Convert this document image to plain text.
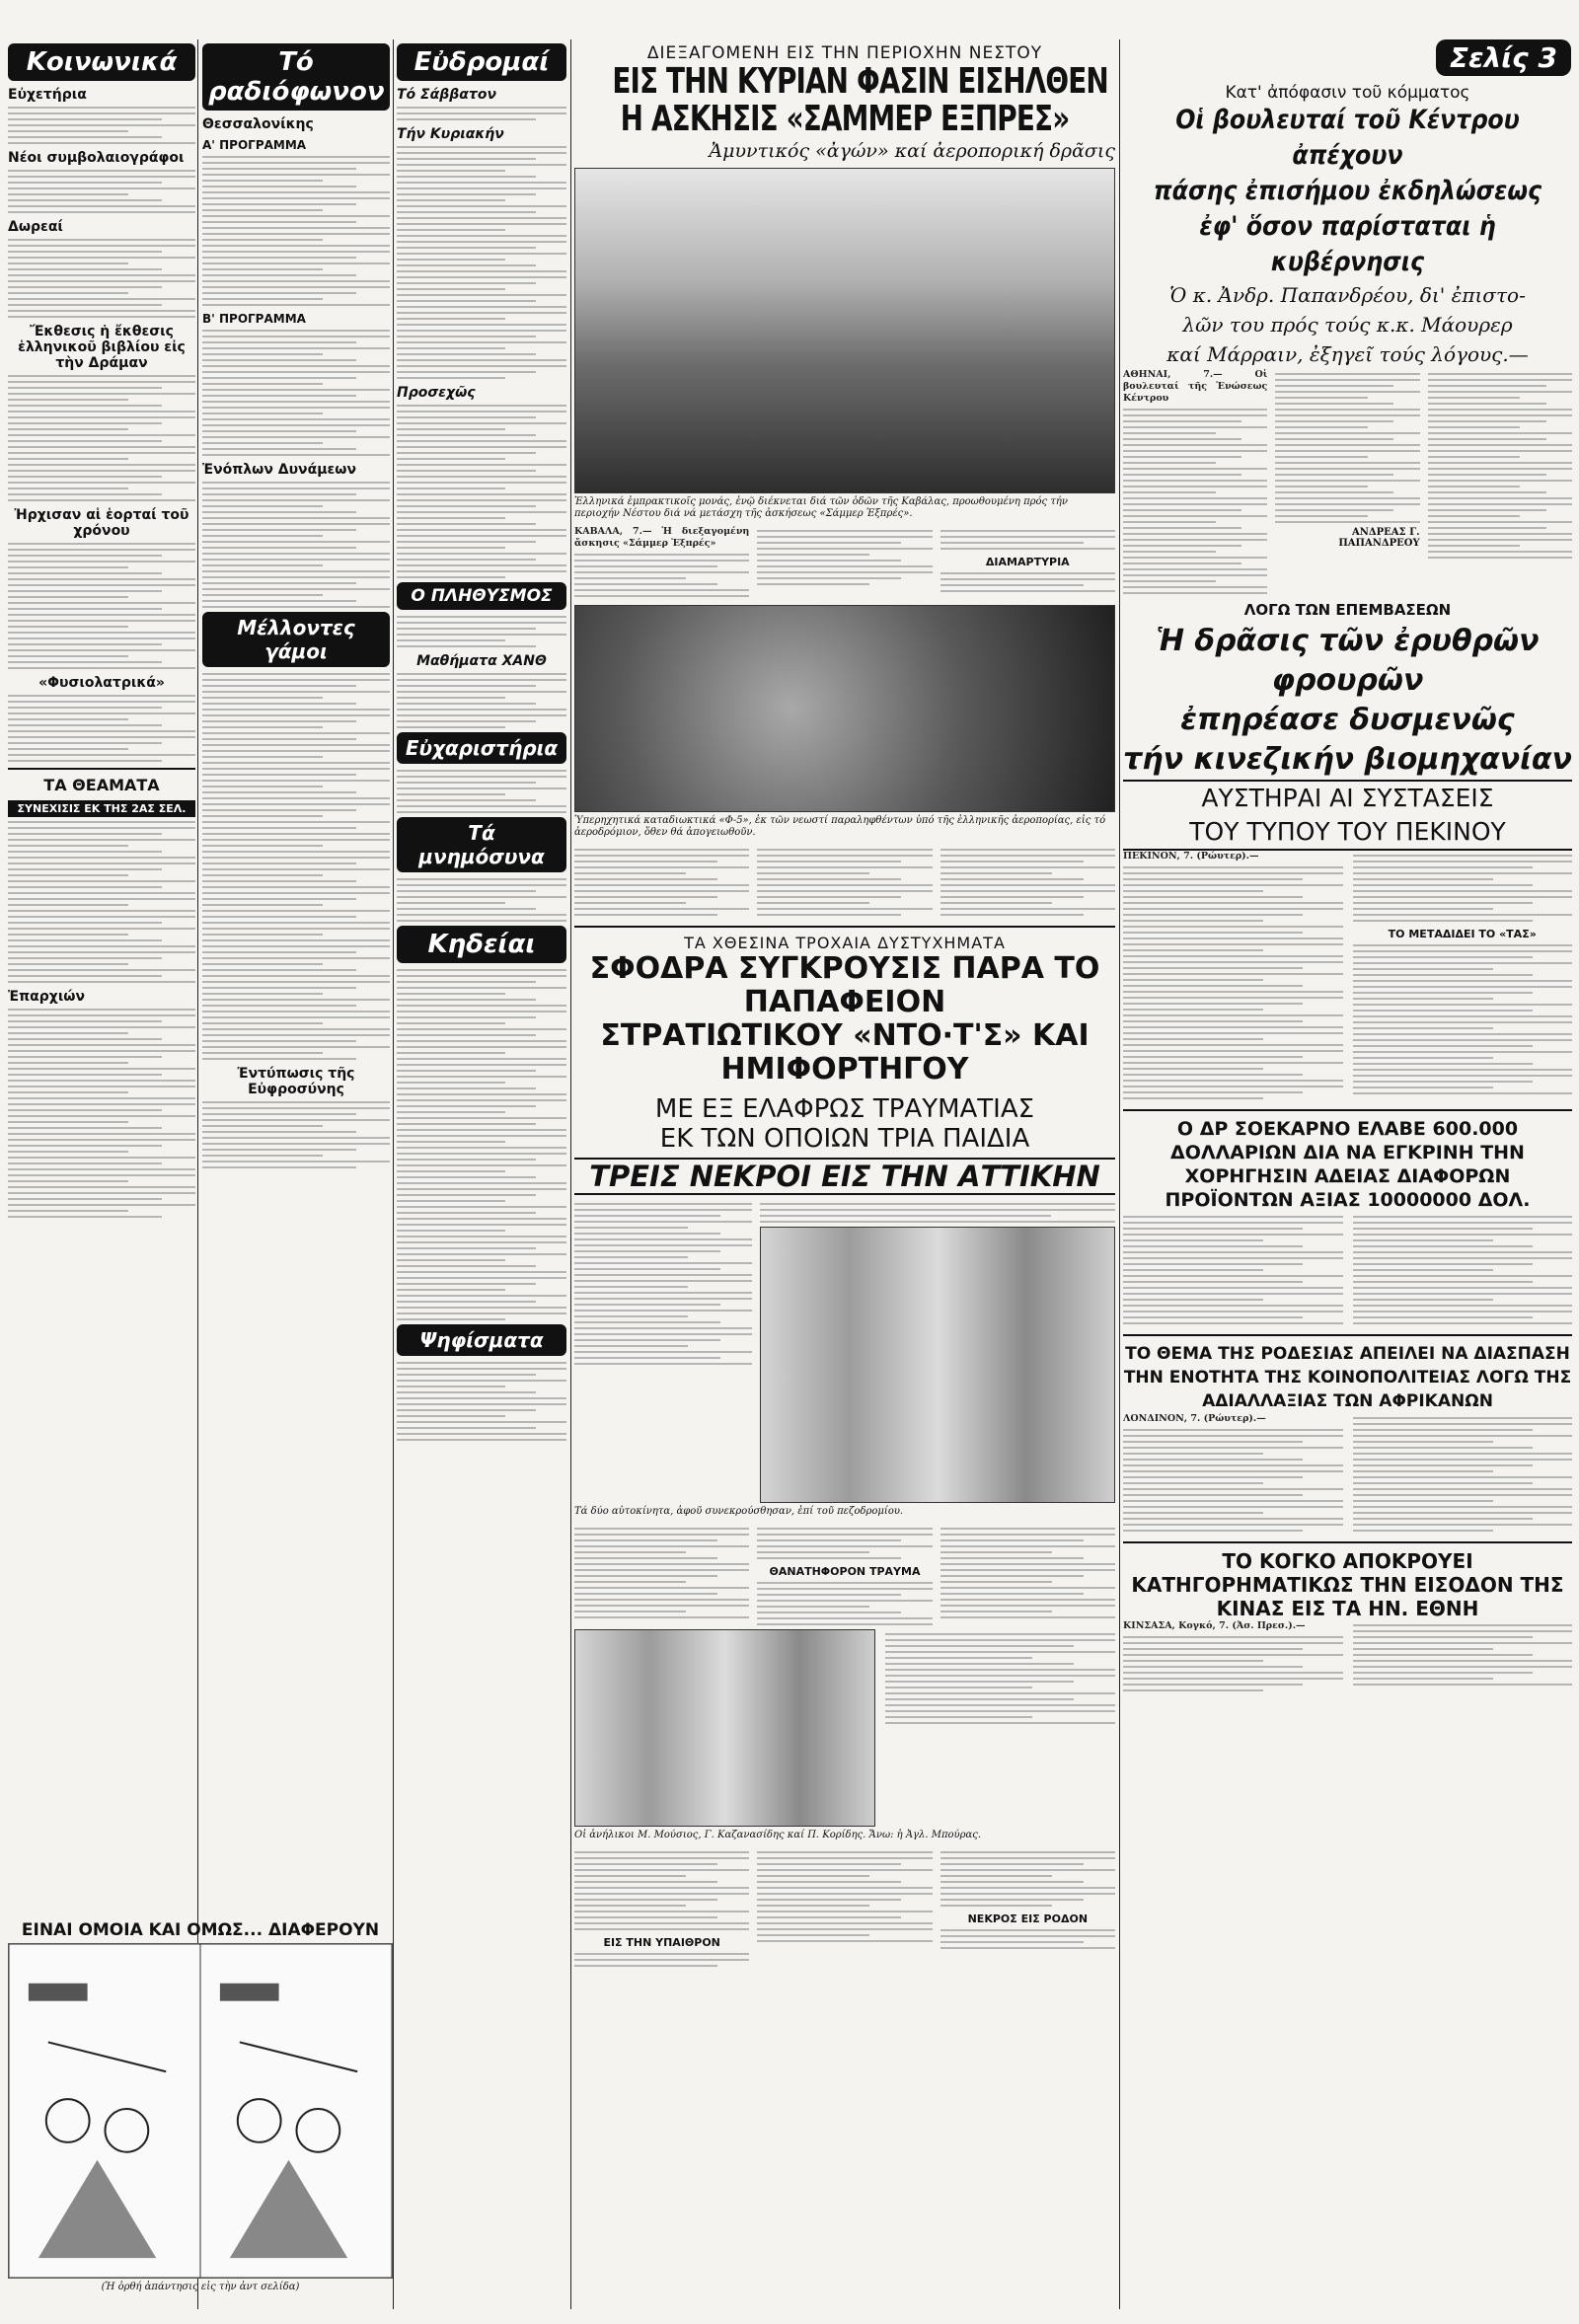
Κοινωνικά
Εὐχετήρια
Νέοι συμβολαιογράφοι
Δωρεαί
Ἔκθεσις ἡ ἔκθεσις ἑλληνικοῦ βιβλίου εἰς τὴν Δράμαν
Ἠρχισαν αἱ ἑορταί τοῦ χρόνου
«Φυσιολατρικά»
ΤΑ ΘΕΑΜΑΤΑ
ΣΥΝΕΧΙΣΙΣ ΕΚ ΤΗΣ 2ΑΣ ΣΕΛ.
Ἐπαρχιών
ΕΙΝΑΙ ΟΜΟΙΑ ΚΑΙ ΟΜΩΣ... ΔΙΑΦΕΡΟΥΝ
(Ἡ ὀρθή ἀπάντησις εἰς τὴν ἀντ σελίδα)
Τό ραδιόφωνον
Θεσσαλονίκης
Α' ΠΡΟΓΡΑΜΜΑ
Β' ΠΡΟΓΡΑΜΜΑ
Ἐνόπλων Δυνάμεων
Μέλλοντες γάμοι
Ἐντύπωσις τῆς Εὐφροσύνης
Εὐδρομαί
Τό Σάββατον
Τήν Κυριακήν
Προσεχῶς
Ο ΠΛΗΘΥΣΜΟΣ
Μαθήματα ΧΑΝΘ
Εὐχαριστήρια
Τά μνημόσυνα
Κηδείαι
Ψηφίσματα
ΔΙΕΞΑΓΟΜΕΝΗ ΕΙΣ ΤΗΝ ΠΕΡΙΟΧΗΝ ΝΕΣΤΟΥ
ΕΙΣ ΤΗΝ ΚΥΡΙΑΝ ΦΑΣΙΝ ΕΙΣΗΛΘΕΝ
Η ΑΣΚΗΣΙΣ «ΣΑΜΜΕΡ ΕΞΠΡΕΣ»
Ἀμυντικός «ἀγών» καί ἀεροπορική δρᾶσις
Ἐλληνικά ἐμπρακτικοῖς μονάς, ἐνῷ διέκνεται διά τῶν ὁδῶν τῆς Καβάλας, προωθουμένη πρός τήν περιοχήν Νέστου διά νά μετάσχη τῆς ἀσκήσεως «Σάμμερ Ἐξπρές».
ΚΑΒΑΛΑ, 7.— Ἡ διεξαγομένη ἄσκησις «Σάμμερ Ἐξπρές»
ΔΙΑΜΑΡΤΥΡΙΑ
Ὑπερηχητικά καταδιωκτικά «Φ-5», ἐκ τῶν νεωστί παραληφθέντων ὑπό τῆς ἑλληνικῆς ἀεροπορίας, εἰς τό ἀεροδρόμιον, ὅθεν θά ἀπογειωθοῦν.
ΤΑ ΧΘΕΣΙΝΑ ΤΡΟΧΑΙΑ ΔΥΣΤΥΧΗΜΑΤΑ
ΣΦΟΔΡΑ ΣΥΓΚΡΟΥΣΙΣ ΠΑΡΑ ΤΟ ΠΑΠΑΦΕΙΟΝ
ΣΤΡΑΤΙΩΤΙΚΟΥ «ΝΤΟ·Τ'Σ» ΚΑΙ ΗΜΙΦΟΡΤΗΓΟΥ
ΜΕ ΕΞ ΕΛΑΦΡΩΣ ΤΡΑΥΜΑΤΙΑΣ
ΕΚ ΤΩΝ ΟΠΟΙΩΝ ΤΡΙΑ ΠΑΙΔΙΑ
ΤΡΕΙΣ ΝΕΚΡΟΙ ΕΙΣ ΤΗΝ ΑΤΤΙΚΗΝ
Τά δύο αὐτοκίνητα, ἀφοῦ συνεκρούσθησαν, ἐπί τοῦ πεζοδρομίου.
ΘΑΝΑΤΗΦΟΡΟΝ ΤΡΑΥΜΑ
Οἱ ἀνήλικοι Μ. Μούσιος, Γ. Καζανασίδης καί Π. Κορίδης. Ἄνω: ἡ Ἀγλ. Μπούρας.
ΕΙΣ ΤΗΝ ΥΠΑΙΘΡΟΝ
ΝΕΚΡΟΣ ΕΙΣ ΡΟΔΟΝ
Σελίς 3
Κατ' ἀπόφασιν τοῦ κόμματος
Οἱ βουλευταί τοῦ Κέντρου ἀπέχουν
πάσης ἐπισήμου ἐκδηλώσεως
ἐφ' ὅσον παρίσταται ἡ κυβέρνησις
Ὁ κ. Ἀνδρ. Παπανδρέου, δι' ἐπιστο-
λῶν του πρός τούς κ.κ. Μάουρερ
καί Μάρραιν, ἐξηγεῖ τούς λόγους.—
ΑΘΗΝΑΙ, 7.— Οἱ βουλευταί τῆς Ἑνώσεως Κέντρου
ΑΝΔΡΕΑΣ Γ. ΠΑΠΑΝΔΡΕΟΥ
ΛΟΓΩ ΤΩΝ ΕΠΕΜΒΑΣΕΩΝ
Ἡ δρᾶσις τῶν ἐρυθρῶν φρουρῶν
ἐπηρέασε δυσμενῶς
τήν κινεζικήν βιομηχανίαν
ΑΥΣΤΗΡΑΙ ΑΙ ΣΥΣΤΑΣΕΙΣ
ΤΟΥ ΤΥΠΟΥ ΤΟΥ ΠΕΚΙΝΟΥ
ΠΕΚΙΝΟΝ, 7. (Ρώυτερ).—
ΤΟ ΜΕΤΑΔΙΔΕΙ ΤΟ «ΤΑΣ»
Ο ΔΡ ΣΟΕΚΑΡΝΟ ΕΛΑΒΕ 600.000 ΔΟΛΛΑΡΙΩΝ ΔΙΑ ΝΑ ΕΓΚΡΙΝΗ ΤΗΝ ΧΟΡΗΓΗΣΙΝ ΑΔΕΙΑΣ ΔΙΑΦΟΡΩΝ ΠΡΟΪΟΝΤΩΝ ΑΞΙΑΣ 10000000 ΔΟΛ.
ΤΟ ΘΕΜΑ ΤΗΣ ΡΟΔΕΣΙΑΣ ΑΠΕΙΛΕΙ ΝΑ ΔΙΑΣΠΑΣΗ ΤΗΝ ΕΝΟΤΗΤΑ ΤΗΣ ΚΟΙΝΟΠΟΛΙΤΕΙΑΣ ΛΟΓΩ ΤΗΣ ΑΔΙΑΛΛΑΞΙΑΣ ΤΩΝ ΑΦΡΙΚΑΝΩΝ
ΛΟΝΔΙΝΟΝ, 7. (Ρώυτερ).—
ΤΟ ΚΟΓΚΟ ΑΠΟΚΡΟΥΕΙ ΚΑΤΗΓΟΡΗΜΑΤΙΚΩΣ ΤΗΝ ΕΙΣΟΔΟΝ ΤΗΣ ΚΙΝΑΣ ΕΙΣ ΤΑ ΗΝ. ΕΘΝΗ
ΚΙΝΣΑΣΑ, Κογκό, 7. (Ἀσ. Πρεσ.).—
